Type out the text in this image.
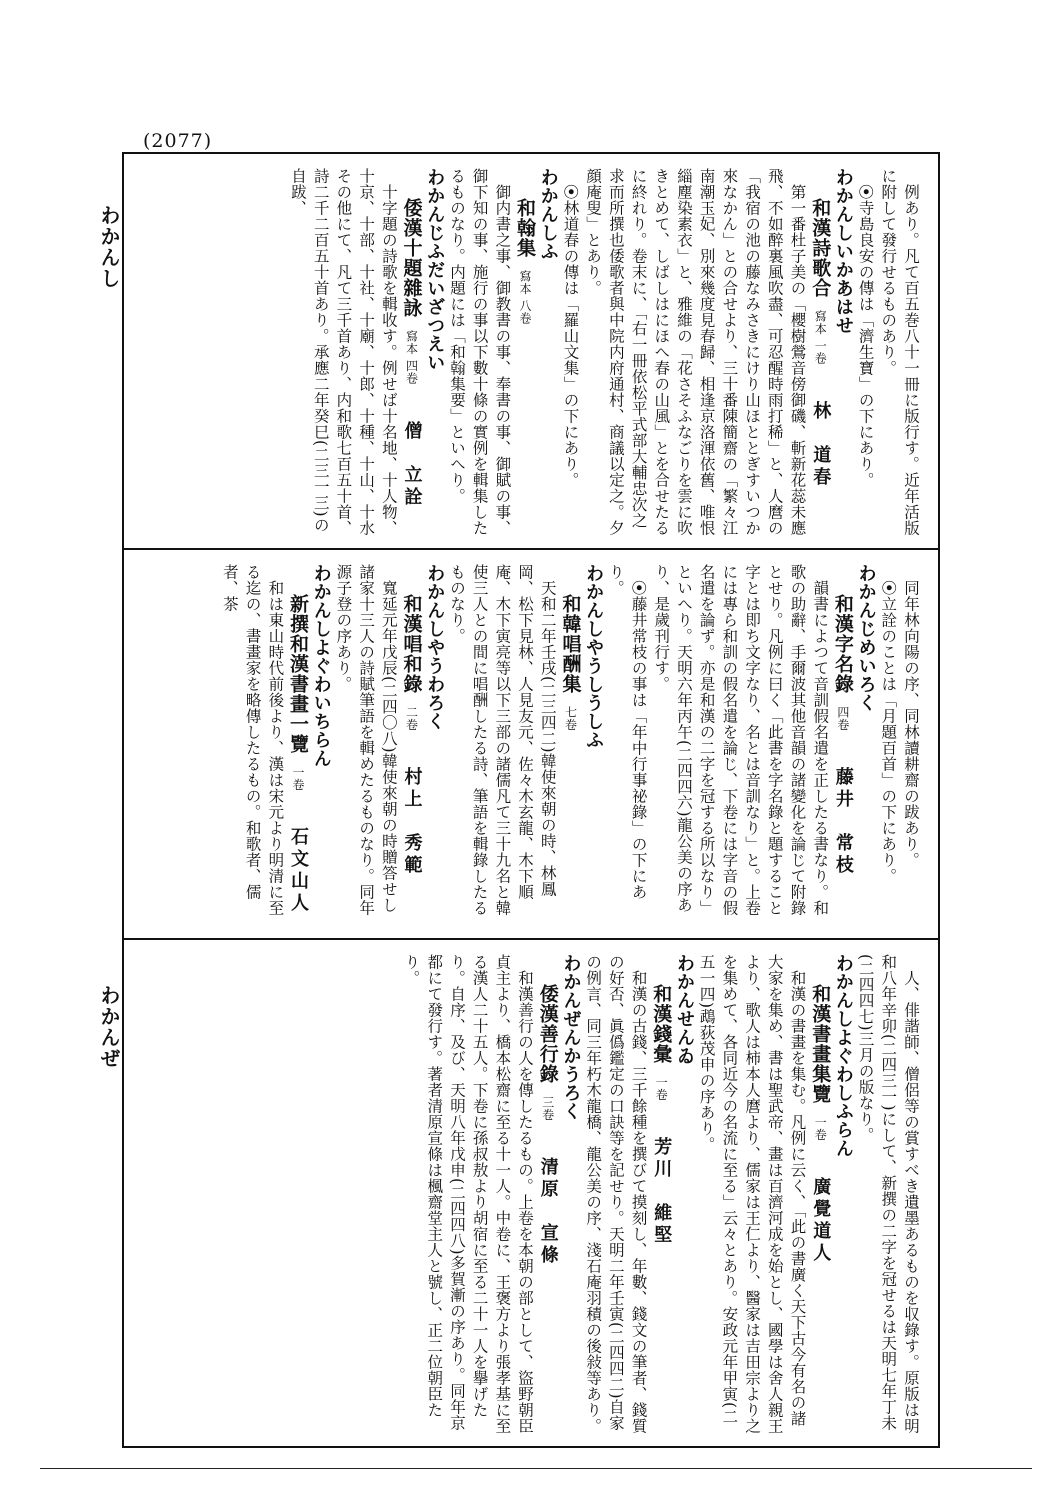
(2077)
わかんし
わかんぜ

例あり。凡て百五巻八十一冊に版行す。近年活版に附して發行せるものあり。

⦿寺島良安の傳は「濟生寶」の下にあり。

わかんしいかあはせ

和漢詩歌合寫本 一卷林　道春

第一番杜子美の「櫻樹鶯音傍御磯、斬新花蕊未應飛、不如醉裏風吹盡、可忍醒時雨打稀」と、人麿の「我宿の池の藤なみさきにけり山ほととぎすいつか來なかん」との合せより、三十番陳簡齋の「繁々江南潮玉妃、別來幾度見春歸、相逢京洛渾依舊、唯恨緇塵染素衣」と、雅維の「花さそふなごりを雲に吹きとめて、しばしはにほへ春の山風」とを合せたるに終れり。卷末に、「右一冊依松平式部大輔忠次之求而所撰也倭歌者與中院内府通村、商議以定之。夕顔庵叟」とあり。

⦿林道春の傳は「羅山文集」の下にあり。

わかんしふ

和翰集寫本 八卷

御内書之事、御教書の事、奉書の事、御賦の事、御下知の事、施行の事以下數十條の實例を輯集したるものなり。内題には「和翰集要」といへり。

わかんじふだいざつえい

倭漢十題雜詠寫本 四卷僧　立詮

十字題の詩歌を輯收す。例せば十名地、十人物、十京、十部、十社、十廟、十郎、十種、十山、十水その他にて、凡て三千首あり、内和歌七百五十首、詩二千二百五十首あり。承應二年癸巳(二三一三)の自跋、

同年林向陽の序、同林讀耕齋の跋あり。

⦿立詮のことは「月題百首」の下にあり。

わかんじめいろく

和漢字名錄四卷藤井　常枝

韻書によつて音訓假名遣を正したる書なり。和歌の助辭、手爾波其他音韻の諸變化を論じて附錄とせり。凡例に曰く「此書を字名錄と題すること字とは即ち文字なり、名とは音訓なり」と。上卷には專ら和訓の假名遣を論じ、下卷には字音の假名遣を論ず。亦是和漢の二字を冠する所以なり」といへり。天明六年丙午(二四四六)龍公美の序あり、是歲刊行す。

⦿藤井常枝の事は「年中行事祕錄」の下にあり。

わかんしやうしうしふ

和韓唱酬集七卷

天和二年壬戌(二三四二)韓使來朝の時、林鳳岡、松下見林、人見友元、佐々木玄龍、木下順庵、木下寅亮等以下三部の諸儒凡て三十九名と韓使三人との間に唱酬したる詩、筆語を輯錄したるものなり。

わかんしやうわろく

和漢唱和錄二卷村上　秀範

寬延元年戊辰(二四〇八)韓使來朝の時贈答せし諸家十三人の詩賦筆語を輯めたるものなり。同年源子登の序あり。

わかんしよぐわいちらん

新撰和漢書畫一覽一卷石文山人

和は東山時代前後より、漢は宋元より明清に至る迄の、書畫家を略傳したるもの。和歌者、儒者、茶

人、俳諧師、僧侶等の賞すべき遺墨あるものを収錄す。原版は明和八年辛卯(二四三一)にして、新撰の二字を冠せるは天明七年丁未(二四四七)三月の版なり。

わかんしよぐわしふらん

和漢書畫集覽一卷廣覺道人

和漢の書畫を集む。凡例に云く、「此の書廣く天下古今有名の諸大家を集め、書は聖武帝、畫は百濟河成を始とし、國學は舍人親王より、歌人は柿本人麿より、儒家は王仁より、醫家は吉田宗より之を集めて、各同近今の名流に至る」云々とあり。安政元年甲寅(二五一四)鵡荻茂申の序あり。

わかんせんゐ

和漢錢彙一卷芳川　維堅

和漢の古錢、三千餘種を撰びて摸刻し、年數、錢文の筆者、錢質の好否、眞僞鑑定の口訣等を記せり。天明二年壬寅(二四四二)自家の例言、同三年朽木龍橋、龍公美の序、淺石庵羽積の後敍等あり。

わかんぜんかうろく

倭漢善行錄三卷清原　宣條

和漢善行の人を傳したるもの。上卷を本朝の部として、盜野朝臣貞主より、橋本松齋に至る十一人。中卷に、王褒方より張孝基に至る漢人二十五人。下卷に孫叔敖より胡宿に至る二十一人を擧げたり。自序、及び、天明八年戊申(二四四八)多賀漸の序あり。同年京都にて發行す。著者清原宣條は楓齋堂主人と號し、正二位朝臣たり。
